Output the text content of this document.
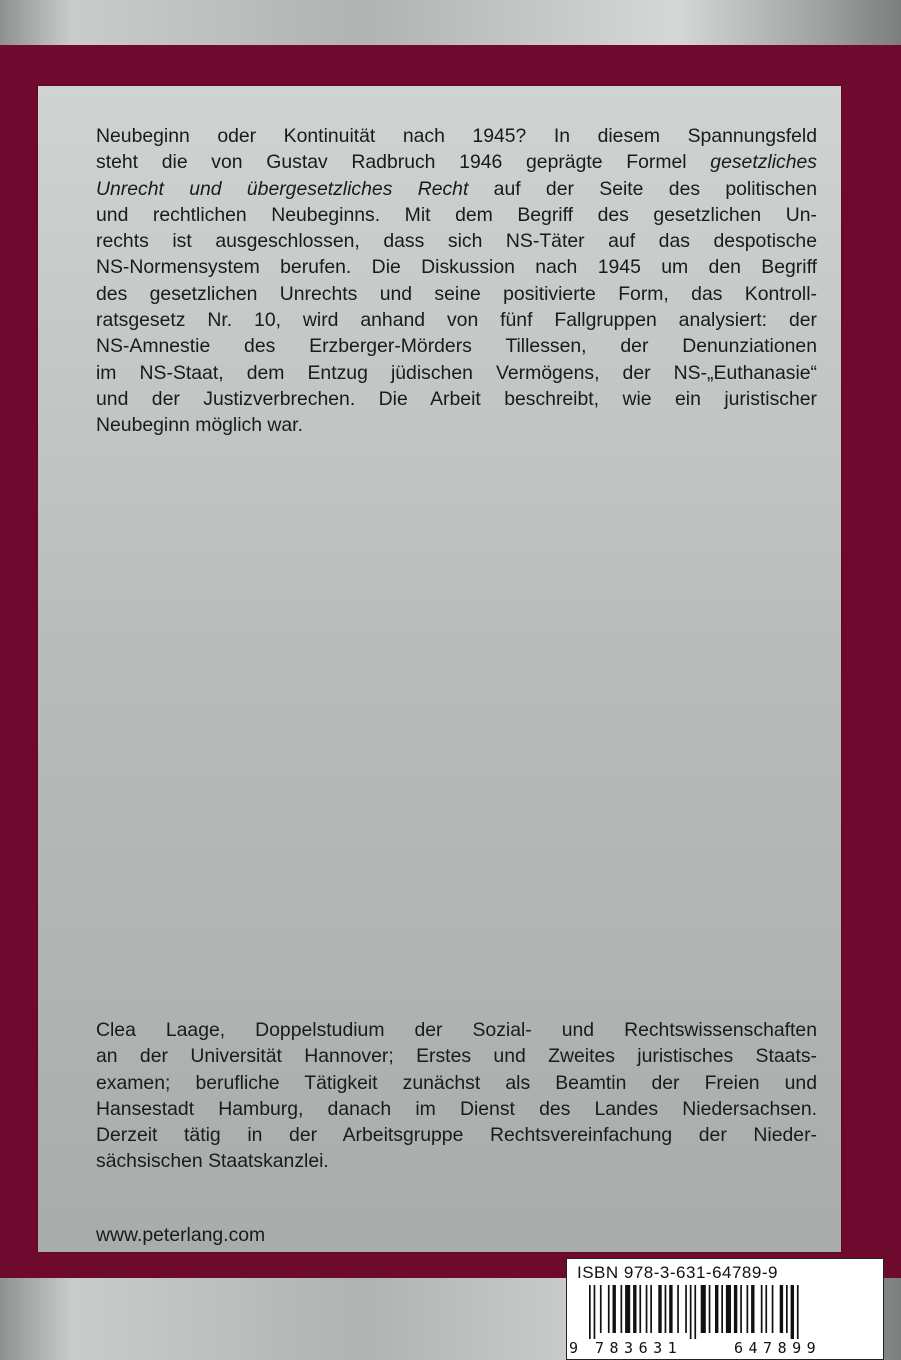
Neubeginn oder Kontinuität nach 1945? In diesem Spannungsfeld
steht die von Gustav Radbruch 1946 geprägte Formel gesetzliches
Unrecht und übergesetzliches Recht auf der Seite des politischen
und rechtlichen Neubeginns. Mit dem Begriff des gesetzlichen Un-
rechts ist ausgeschlossen, dass sich NS-Täter auf das despotische
NS-Normensystem berufen. Die Diskussion nach 1945 um den Begriff
des gesetzlichen Unrechts und seine positivierte Form, das Kontroll-
ratsgesetz Nr. 10, wird anhand von fünf Fallgruppen analysiert: der
NS-Amnestie des Erzberger-Mörders Tillessen, der Denunziationen
im NS-Staat, dem Entzug jüdischen Vermögens, der NS-„Euthanasie“
und der Justizverbrechen. Die Arbeit beschreibt, wie ein juristischer
Neubeginn möglich war.
Clea Laage, Doppelstudium der Sozial- und Rechtswissenschaften
an der Universität Hannover; Erstes und Zweites juristisches Staats-
examen; berufliche Tätigkeit zunächst als Beamtin der Freien und
Hansestadt Hamburg, danach im Dienst des Landes Niedersachsen.
Derzeit tätig in der Arbeitsgruppe Rechtsvereinfachung der Nieder-
sächsischen Staatskanzlei.
www.peterlang.com
ISBN 978-3-631-64789-9
9 783631	647899
